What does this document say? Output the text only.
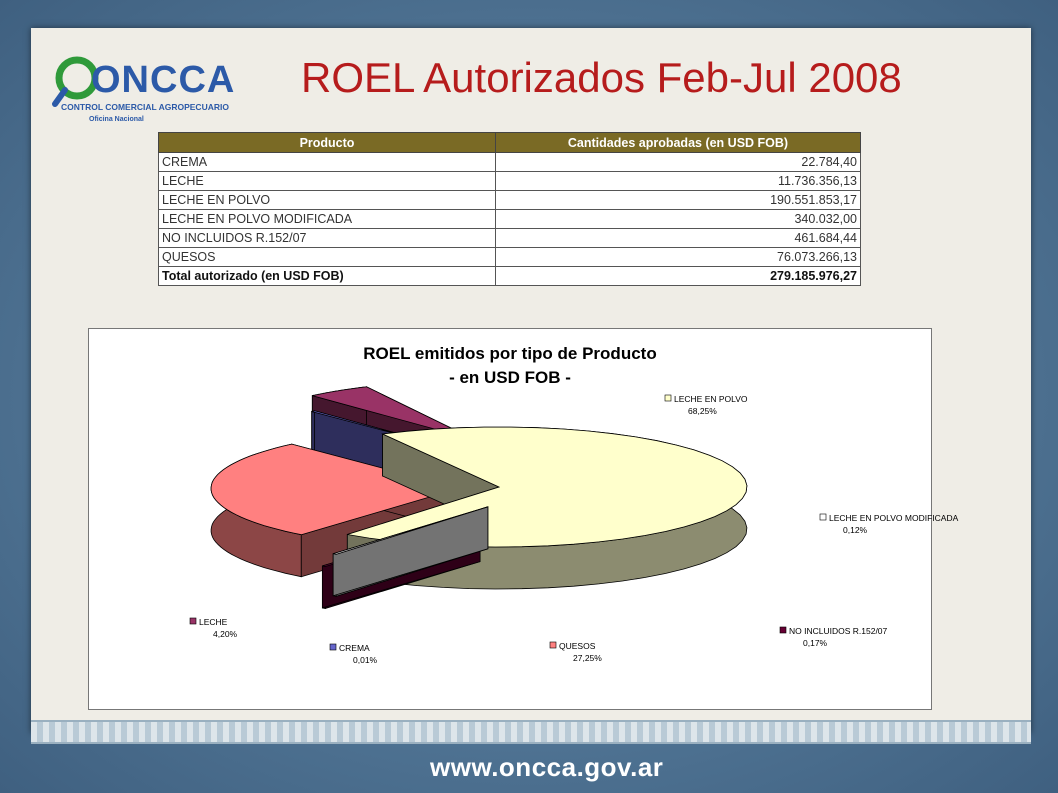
ONCCA
CONTROL COMERCIAL AGROPECUARIO
Oficina Nacional
ROEL Autorizados Feb-Jul 2008
Producto	Cantidades aprobadas (en USD FOB)
CREMA	22.784,40
LECHE	11.736.356,13
LECHE EN POLVO	190.551.853,17
LECHE EN POLVO MODIFICADA	340.032,00
NO INCLUIDOS R.152/07	461.684,44
QUESOS	76.073.266,13
Total autorizado (en USD FOB)	279.185.976,27
ROEL emitidos por tipo de Producto
- en USD FOB -
LECHE EN POLVO
68,25%
LECHE EN POLVO MODIFICADA
0,12%
NO INCLUIDOS R.152/07
0,17%
QUESOS
27,25%
CREMA
0,01%
LECHE
4,20%
www.oncca.gov.ar
